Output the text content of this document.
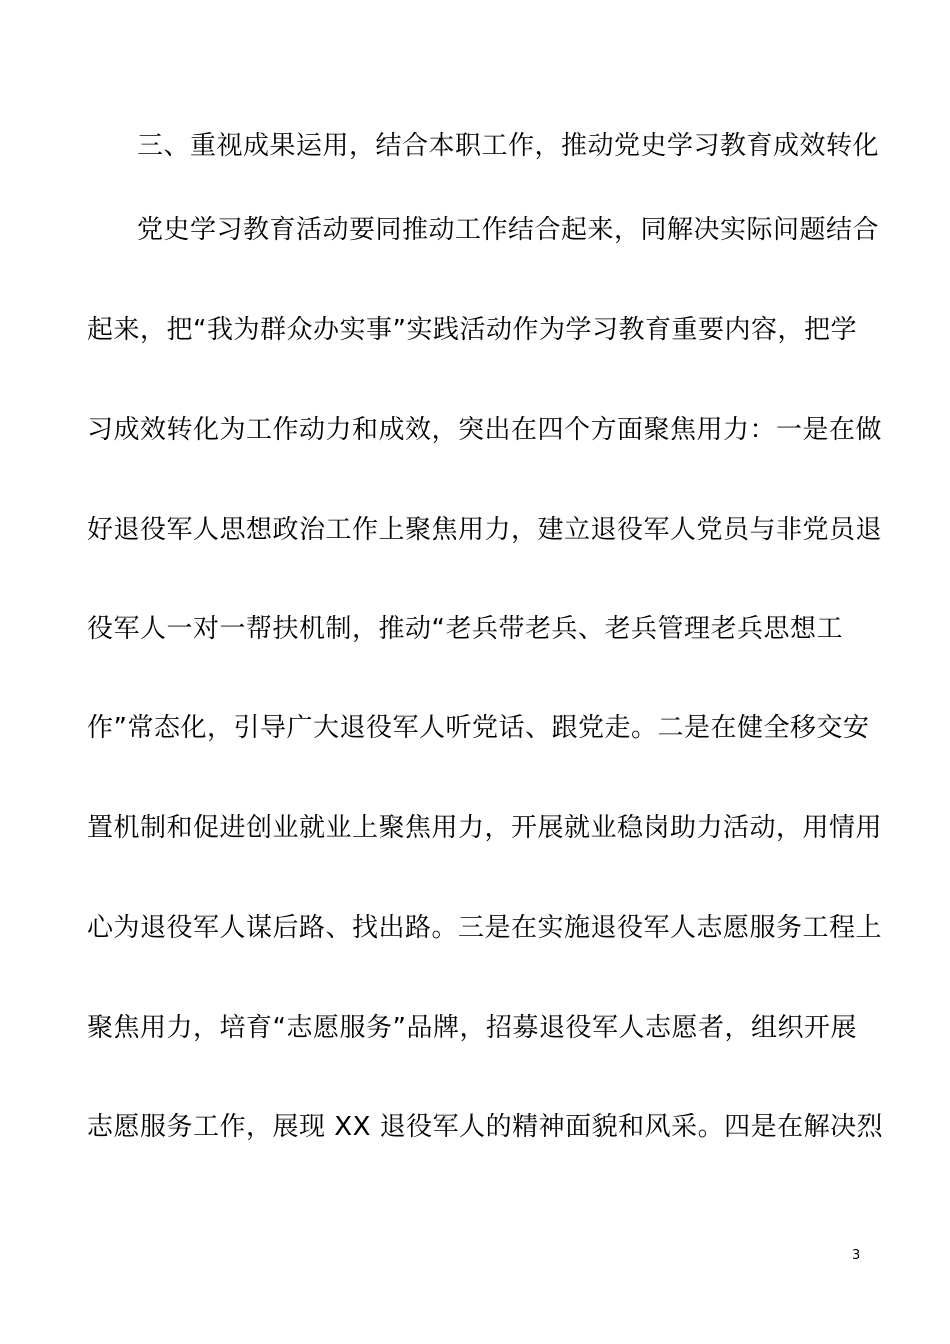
三、重视成果运用，结合本职工作，推动党史学习教育成效转化
党史学习教育活动要同推动工作结合起来，同解决实际问题结合
起来，把“我为群众办实事”实践活动作为学习教育重要内容，把学
习成效转化为工作动力和成效，突出在四个方面聚焦用力：一是在做
好退役军人思想政治工作上聚焦用力，建立退役军人党员与非党员退
役军人一对一帮扶机制，推动“老兵带老兵、老兵管理老兵思想工
作”常态化，引导广大退役军人听党话、跟党走。二是在健全移交安
置机制和促进创业就业上聚焦用力，开展就业稳岗助力活动，用情用
心为退役军人谋后路、找出路。三是在实施退役军人志愿服务工程上
聚焦用力，培育“志愿服务”品牌，招募退役军人志愿者，组织开展
志愿服务工作，展现 XX 退役军人的精神面貌和风采。四是在解决烈
3
